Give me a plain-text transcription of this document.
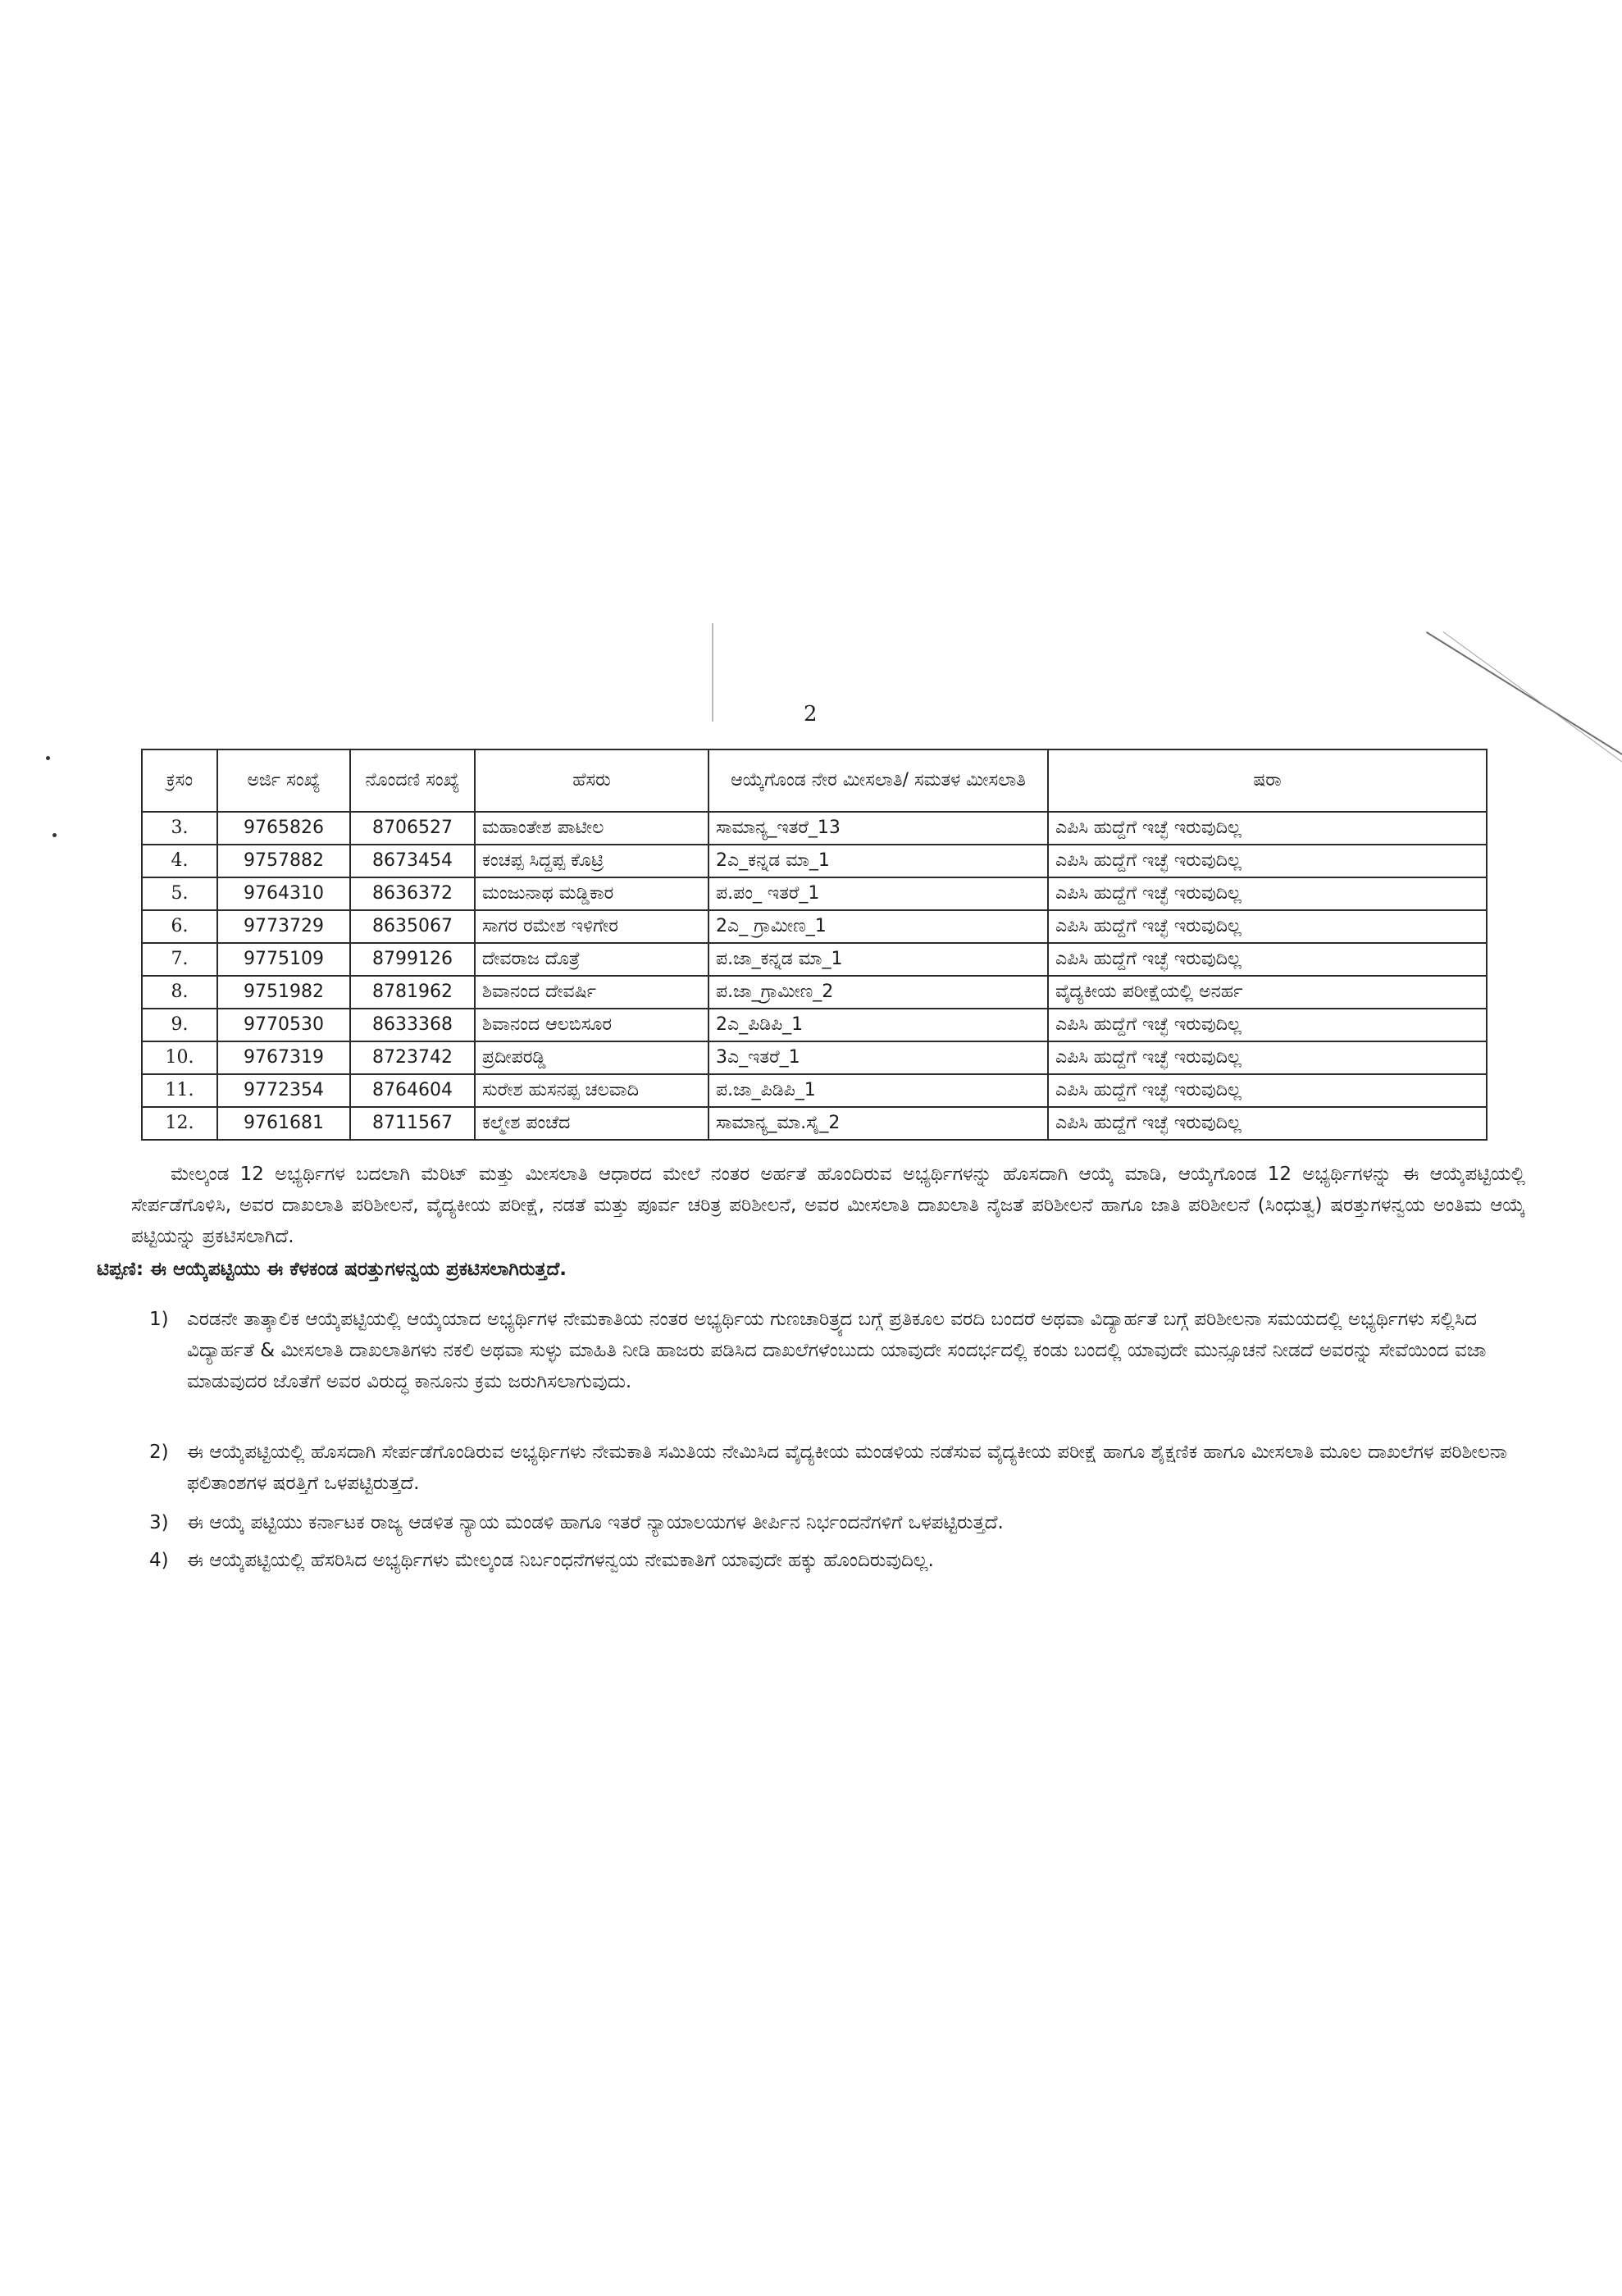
2
ಕ್ರಸಂ	ಅರ್ಜಿ ಸಂಖ್ಯೆ	ನೊಂದಣಿ ಸಂಖ್ಯೆ	ಹೆಸರು	ಆಯ್ಕೆಗೊಂಡ ನೇರ ಮೀಸಲಾತಿ/ ಸಮತಳ ಮೀಸಲಾತಿ	ಷರಾ
3.	9765826	8706527	ಮಹಾಂತೇಶ ಪಾಟೀಲ	ಸಾಮಾನ್ಯ_ಇತರೆ_13	ಎಪಿಸಿ ಹುದ್ದೆಗೆ ಇಚ್ಛೆ ಇರುವುದಿಲ್ಲ
4.	9757882	8673454	ಕಂಚಪ್ಪ ಸಿದ್ದಪ್ಪ ಕೊಟ್ರಿ	2ಎ_ಕನ್ನಡ ಮಾ_1	ಎಪಿಸಿ ಹುದ್ದೆಗೆ ಇಚ್ಛೆ ಇರುವುದಿಲ್ಲ
5.	9764310	8636372	ಮಂಜುನಾಥ ಮಡ್ಡಿಕಾರ	ಪ.ಪಂ_ ಇತರೆ_1	ಎಪಿಸಿ ಹುದ್ದೆಗೆ ಇಚ್ಛೆ ಇರುವುದಿಲ್ಲ
6.	9773729	8635067	ಸಾಗರ ರಮೇಶ ಇಳಿಗೇರ	2ಎ_ ಗ್ರಾಮೀಣ_1	ಎಪಿಸಿ ಹುದ್ದೆಗೆ ಇಚ್ಛೆ ಇರುವುದಿಲ್ಲ
7.	9775109	8799126	ದೇವರಾಜ ದೊತ್ರೆ	ಪ.ಜಾ_ಕನ್ನಡ ಮಾ_1	ಎಪಿಸಿ ಹುದ್ದೆಗೆ ಇಚ್ಛೆ ಇರುವುದಿಲ್ಲ
8.	9751982	8781962	ಶಿವಾನಂದ ದೇವರ್ಷಿ	ಪ.ಜಾ_ಗ್ರಾಮೀಣ_2	ವೈದ್ಯಕೀಯ ಪರೀಕ್ಷೆಯಲ್ಲಿ ಅನರ್ಹ
9.	9770530	8633368	ಶಿವಾನಂದ ಆಲಬಿಸೂರ	2ಎ_ಪಿಡಿಪಿ_1	ಎಪಿಸಿ ಹುದ್ದೆಗೆ ಇಚ್ಛೆ ಇರುವುದಿಲ್ಲ
10.	9767319	8723742	ಪ್ರದೀಪರಡ್ಡಿ	3ಎ_ಇತರೆ_1	ಎಪಿಸಿ ಹುದ್ದೆಗೆ ಇಚ್ಛೆ ಇರುವುದಿಲ್ಲ
11.	9772354	8764604	ಸುರೇಶ ಹುಸನಪ್ಪ ಚಲವಾದಿ	ಪ.ಜಾ_ಪಿಡಿಪಿ_1	ಎಪಿಸಿ ಹುದ್ದೆಗೆ ಇಚ್ಛೆ ಇರುವುದಿಲ್ಲ
12.	9761681	8711567	ಕಲ್ಮೇಶ ಪಂಚೆದ	ಸಾಮಾನ್ಯ_ಮಾ.ಸೈ_2	ಎಪಿಸಿ ಹುದ್ದೆಗೆ ಇಚ್ಛೆ ಇರುವುದಿಲ್ಲ
ಮೇಲ್ಕಂಡ 12 ಅಭ್ಯರ್ಥಿಗಳ ಬದಲಾಗಿ ಮೆರಿಟ್ ಮತ್ತು ಮೀಸಲಾತಿ ಆಧಾರದ ಮೇಲೆ ನಂತರ ಅರ್ಹತೆ ಹೊಂದಿರುವ ಅಭ್ಯರ್ಥಿಗಳನ್ನು ಹೊಸದಾಗಿ ಆಯ್ಕೆ ಮಾಡಿ, ಆಯ್ಕೆಗೊಂಡ 12 ಅಭ್ಯರ್ಥಿಗಳನ್ನು ಈ ಆಯ್ಕೆಪಟ್ಟಿಯಲ್ಲಿ ಸೇರ್ಪಡೆಗೊಳಿಸಿ, ಅವರ ದಾಖಲಾತಿ ಪರಿಶೀಲನೆ, ವೈದ್ಯಕೀಯ ಪರೀಕ್ಷೆ, ನಡತೆ ಮತ್ತು ಪೂರ್ವ ಚರಿತ್ರ ಪರಿಶೀಲನೆ, ಅವರ ಮೀಸಲಾತಿ ದಾಖಲಾತಿ ನೈಜತೆ ಪರಿಶೀಲನೆ ಹಾಗೂ ಜಾತಿ ಪರಿಶೀಲನೆ (ಸಿಂಧುತ್ವ) ಷರತ್ತುಗಳನ್ವಯ ಅಂತಿಮ ಆಯ್ಕೆ ಪಟ್ಟಿಯನ್ನು ಪ್ರಕಟಿಸಲಾಗಿದೆ.
ಟಿಪ್ಪಣಿ: ಈ ಆಯ್ಕೆಪಟ್ಟಿಯು ಈ ಕೆಳಕಂಡ ಷರತ್ತುಗಳನ್ವಯ ಪ್ರಕಟಿಸಲಾಗಿರುತ್ತದೆ.
1) ಎರಡನೇ ತಾತ್ಕಾಲಿಕ ಆಯ್ಕೆಪಟ್ಟಿಯಲ್ಲಿ ಆಯ್ಕೆಯಾದ ಅಭ್ಯರ್ಥಿಗಳ ನೇಮಕಾತಿಯ ನಂತರ ಅಭ್ಯರ್ಥಿಯ ಗುಣಚಾರಿತ್ರ್ಯದ ಬಗ್ಗೆ ಪ್ರತಿಕೂಲ ವರದಿ ಬಂದರೆ ಅಥವಾ ವಿದ್ಯಾರ್ಹತೆ ಬಗ್ಗೆ ಪರಿಶೀಲನಾ ಸಮಯದಲ್ಲಿ ಅಭ್ಯರ್ಥಿಗಳು ಸಲ್ಲಿಸಿದ ವಿದ್ಯಾರ್ಹತೆ & ಮೀಸಲಾತಿ ದಾಖಲಾತಿಗಳು ನಕಲಿ ಅಥವಾ ಸುಳ್ಳು ಮಾಹಿತಿ ನೀಡಿ ಹಾಜರು ಪಡಿಸಿದ ದಾಖಲೆಗಳೆಂಬುದು ಯಾವುದೇ ಸಂದರ್ಭದಲ್ಲಿ ಕಂಡು ಬಂದಲ್ಲಿ ಯಾವುದೇ ಮುನ್ಸೂಚನೆ ನೀಡದೆ ಅವರನ್ನು ಸೇವೆಯಿಂದ ವಜಾ ಮಾಡುವುದರ ಜೊತೆಗೆ ಅವರ ವಿರುದ್ಧ ಕಾನೂನು ಕ್ರಮ ಜರುಗಿಸಲಾಗುವುದು.
2) ಈ ಆಯ್ಕೆಪಟ್ಟಿಯಲ್ಲಿ ಹೊಸದಾಗಿ ಸೇರ್ಪಡೆಗೊಂಡಿರುವ ಅಭ್ಯರ್ಥಿಗಳು ನೇಮಕಾತಿ ಸಮಿತಿಯ ನೇಮಿಸಿದ ವೈದ್ಯಕೀಯ ಮಂಡಳಿಯ ನಡೆಸುವ ವೈದ್ಯಕೀಯ ಪರೀಕ್ಷೆ ಹಾಗೂ ಶೈಕ್ಷಣಿಕ ಹಾಗೂ ಮೀಸಲಾತಿ ಮೂಲ ದಾಖಲೆಗಳ ಪರಿಶೀಲನಾ ಫಲಿತಾಂಶಗಳ ಷರತ್ತಿಗೆ ಒಳಪಟ್ಟಿರುತ್ತದೆ.
3) ಈ ಆಯ್ಕೆ ಪಟ್ಟಿಯು ಕರ್ನಾಟಕ ರಾಜ್ಯ ಆಡಳಿತ ನ್ಯಾಯ ಮಂಡಳಿ ಹಾಗೂ ಇತರೆ ನ್ಯಾಯಾಲಯಗಳ ತೀರ್ಪಿನ ನಿರ್ಭಂದನೆಗಳಿಗೆ ಒಳಪಟ್ಟಿರುತ್ತದೆ.
4) ಈ ಆಯ್ಕೆಪಟ್ಟಿಯಲ್ಲಿ ಹೆಸರಿಸಿದ ಅಭ್ಯರ್ಥಿಗಳು ಮೇಲ್ಕಂಡ ನಿರ್ಬಂಧನೆಗಳನ್ವಯ ನೇಮಕಾತಿಗೆ ಯಾವುದೇ ಹಕ್ಕು ಹೊಂದಿರುವುದಿಲ್ಲ.
